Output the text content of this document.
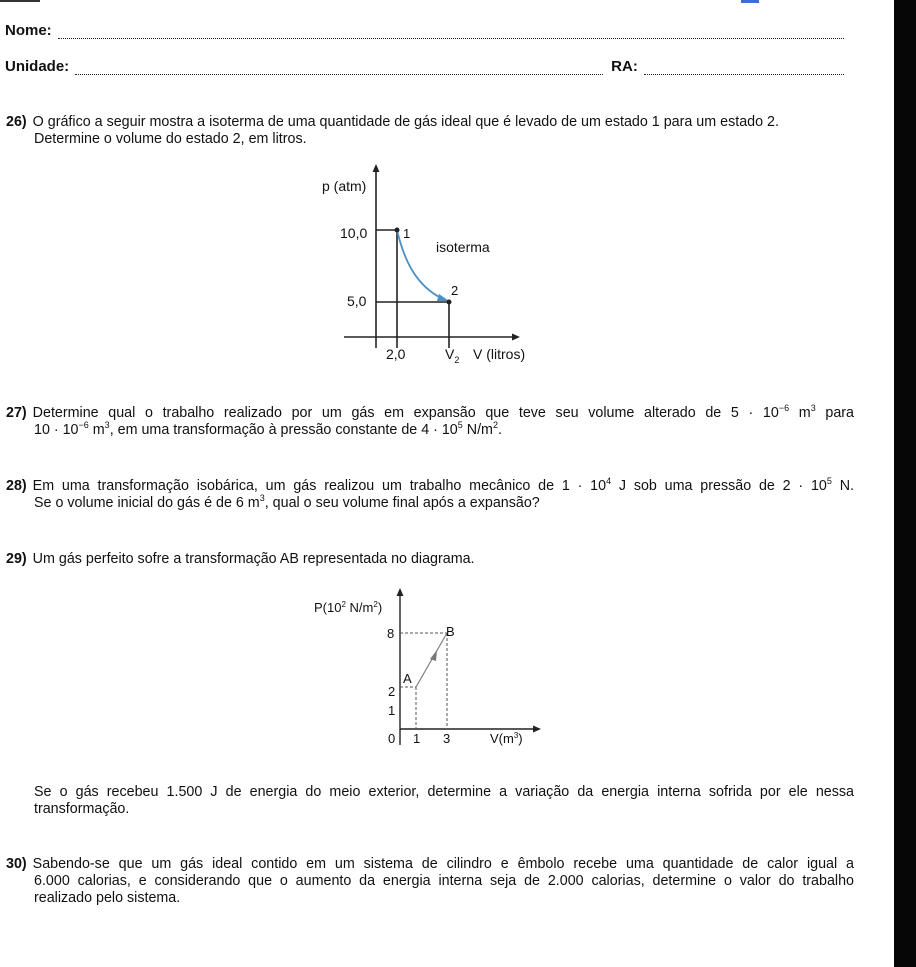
Nome:
Unidade:	RA:
26) O gráfico a seguir mostra a isoterma de uma quantidade de gás ideal que é levado de um estado 1 para um estado 2.
Determine o volume do estado 2, em litros.
p (atm)
10,0
5,0
1
2
isoterma
2,0	$V_2$ V (litros)
27) Determine qual o trabalho realizado por um gás em expansão que teve seu volume alterado de $5 \cdot 10^{-6}$ $m^3$ para
$10 \cdot 10^{-6}$ $m^3$, em uma transformação à pressão constante de $4 \cdot 10^5$ $N/m^2$.
28) Em uma transformação isobárica, um gás realizou um trabalho mecânico de $1 \cdot 10^4$ J sob uma pressão de $2 \cdot 10^5$ N.
Se o volume inicial do gás é de 6 $m^3$, qual o seu volume final após a expansão?
29) Um gás perfeito sofre a transformação AB representada no diagrama.
$P(10^2$ $N/m^2$)
8
2
1
A
B
0 1 3	$V(m^3)$
Se o gás recebeu 1.500 J de energia do meio exterior, determine a variação da energia interna sofrida por ele nessa
transformação.
30) Sabendo-se que um gás ideal contido em um sistema de cilindro e êmbolo recebe uma quantidade de calor igual a
6.000 calorias, e considerando que o aumento da energia interna seja de 2.000 calorias, determine o valor do trabalho
realizado pelo sistema.
